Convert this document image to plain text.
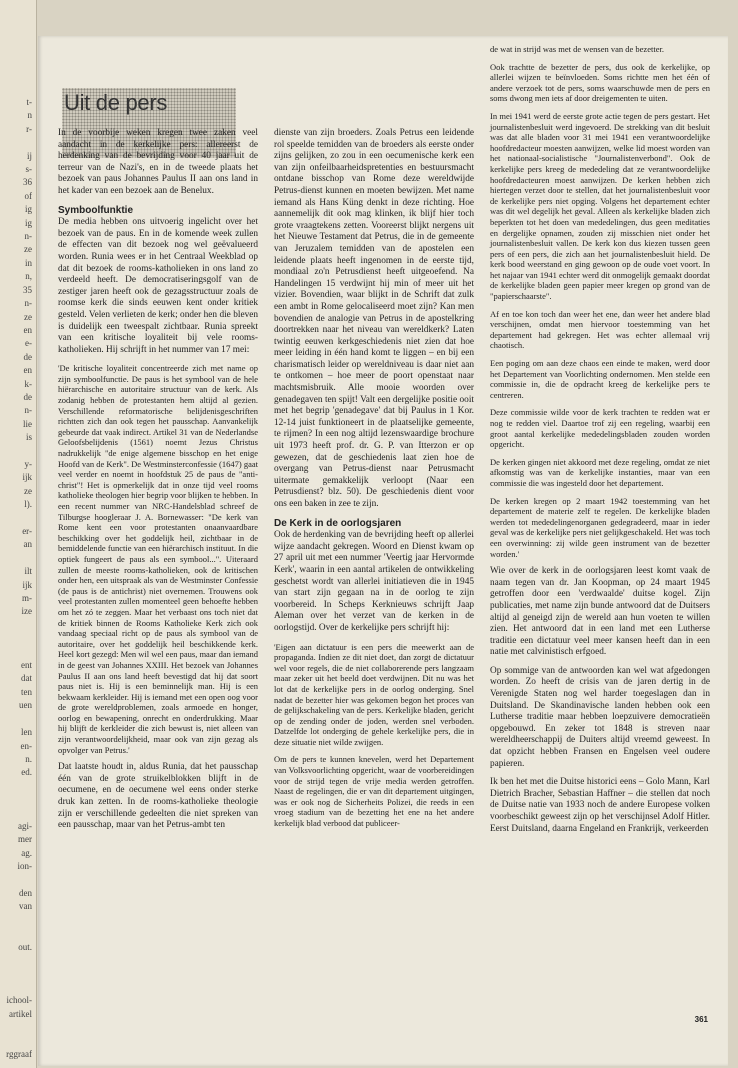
t-
n
r-

ij
s-
36
of
ig
ig
n-
ze
in
n,
35
n-
ze
en
e-
de
en
k-
de
n-
lie
is

y-
ijk
ze
l).

er-
an

ilt
ijk
m-
ize

ent
dat
ten
uen

len
en-
n.
ed.

agi-
mer
ag.
ion-

den
van

out.

ichool-
artikel

rggraaf
Uit de pers

In de voorbije weken kregen twee zaken veel aandacht in de kerkelijke pers: allereerst de herdenking van de bevrijding voor 40 jaar uit de terreur van de Nazi's, en in de tweede plaats het bezoek van paus Johannes Paulus II aan ons land in het kader van een bezoek aan de Benelux.

Symboolfunktie

De media hebben ons uitvoerig ingelicht over het bezoek van de paus. En in de komende week zullen de effecten van dit bezoek nog wel geëvalueerd worden. Runia wees er in het Centraal Weekblad op dat dit bezoek de rooms-katholieken in ons land zo verdeeld heeft. De democratiseringsgolf van de zestiger jaren heeft ook de gezagsstructuur zoals de roomse kerk die sinds eeuwen kent onder kritiek gesteld. Velen verlieten de kerk; onder hen die bleven is duidelijk een tweespalt zichtbaar. Runia spreekt van een kritische loyaliteit bij vele rooms-katholieken. Hij schrijft in het nummer van 17 mei:

'De kritische loyaliteit concentreerde zich met name op zijn symboolfunctie. De paus is het symbool van de hele hiërarchische en autoritaire structuur van de kerk. Als zodanig hebben de protestanten hem altijd al gezien. Verschillende reformatorische belijdenisgeschriften richtten zich dan ook tegen het pausschap. Aanvankelijk gebeurde dat vaak indirect. Artikel 31 van de Nederlandse Geloofsbelijdenis (1561) noemt Jezus Christus nadrukkelijk "de enige algemene bisschop en het enige Hoofd van de Kerk". De Westminsterconfessie (1647) gaat veel verder en noemt in hoofdstuk 25 de paus de "anti-christ"! Het is opmerkelijk dat in onze tijd veel rooms katholieke theologen hier begrip voor blijken te hebben. In een recent nummer van NRC-Handelsblad schreef de Tilburgse hoogleraar J. A. Bornewasser: "De kerk van Rome kent een voor protestanten onaanvaardbare beschikking over het goddelijk heil, zichtbaar in de bemiddelende functie van een hiërarchisch instituut. In die optiek fungeert de paus als een symbool...". Uiteraard zullen de meeste rooms-katholieken, ook de kritischen onder hen, een uitspraak als van de Westminster Confessie (de paus is de antichrist) niet overnemen. Trouwens ook veel protestanten zullen momenteel geen behoefte hebben om het zó te zeggen. Maar het verbaast ons toch niet dat de kritiek binnen de Rooms Katholieke Kerk zich ook vandaag speciaal richt op de paus als symbool van de autoritaire, over het goddelijk heil beschikkende kerk. Heel kort gezegd: Men wil wel een paus, maar dan iemand in de geest van Johannes XXIII. Het bezoek van Johannes Paulus II aan ons land heeft bevestigd dat hij dat soort paus niet is. Hij is een beminnelijk man. Hij is een bekwaam kerkleider. Hij is iemand met een open oog voor de grote wereldproblemen, zoals armoede en honger, oorlog en bewapening, onrecht en onderdrukking. Maar hij blijft de kerkleider die zich bewust is, niet alleen van zijn verantwoordelijkheid, maar ook van zijn gezag als opvolger van Petrus.'

Dat laatste houdt in, aldus Runia, dat het pausschap één van de grote struikelblokken blijft in de oecumene, en de oecumene wel eens onder sterke druk kan zetten. In de rooms-katholieke theologie zijn er verschillende gedeelten die niet spreken van een pausschap, maar van het Petrus-ambt ten

dienste van zijn broeders. Zoals Petrus een leidende rol speelde temidden van de broeders als eerste onder zijns gelijken, zo zou in een oecumenische kerk een van zijn onfeilbaarheidspretenties en bestuursmacht ontdane bisschop van Rome deze wereldwijde Petrus-dienst kunnen en moeten bewijzen. Met name iemand als Hans Küng denkt in deze richting. Hoe aannemelijk dit ook mag klinken, ik blijf hier toch grote vraagtekens zetten. Vooreerst blijkt nergens uit het Nieuwe Testament dat Petrus, die in de gemeente van Jeruzalem temidden van de apostelen een leidende plaats heeft ingenomen in de eerste tijd, mondiaal zo'n Petrusdienst heeft uitgeoefend. Na Handelingen 15 verdwijnt hij min of meer uit het vizier. Bovendien, waar blijkt in de Schrift dat zulk een ambt in Rome gelocaliseerd moet zijn? Kan men bovendien de analogie van Petrus in de apostelkring doortrekken naar het niveau van wereldkerk? Laten twintig eeuwen kerkgeschiedenis niet zien dat hoe meer leiding in één hand komt te liggen – en bij een charismatisch leider op wereldniveau is daar niet aan te ontkomen – hoe meer de poort openstaat naar machtsmisbruik. Alle mooie woorden over genadegaven ten spijt! Valt een dergelijke positie ooit met het begrip 'genadegave' dat bij Paulus in 1 Kor. 12-14 juist funktioneert in de plaatselijke gemeente, te rijmen? In een nog altijd lezenswaardige brochure uit 1973 heeft prof. dr. G. P. van Itterzon er op gewezen, dat de geschiedenis laat zien hoe de overgang van Petrus-dienst naar Petrusmacht uitermate gemakkelijk verloopt (Naar een Petrusdienst? blz. 50). De geschiedenis dient voor ons een baken in zee te zijn.

De Kerk in de oorlogsjaren

Ook de herdenking van de bevrijding heeft op allerlei wijze aandacht gekregen. Woord en Dienst kwam op 27 april uit met een nummer 'Veertig jaar Hervormde Kerk', waarin in een aantal artikelen de ontwikkeling geschetst wordt van allerlei initiatieven die in 1945 van start zijn gegaan na in de oorlog te zijn voorbereid. In Scheps Kerknieuws schrijft Jaap Aleman over het verzet van de kerken in de oorlogstijd. Over de kerkelijke pers schrijft hij:

'Eigen aan dictatuur is een pers die meewerkt aan de propaganda. Indien ze dit niet doet, dan zorgt de dictatuur wel voor regels, die de niet collaborerende pers langzaam maar zeker uit het beeld doet verdwijnen. Dit nu was het lot dat de kerkelijke pers in de oorlog onderging. Snel nadat de bezetter hier was gekomen begon het proces van de gelijkschakeling van de pers. Kerkelijke bladen, gericht op de zending onder de joden, werden snel verboden. Datzelfde lot onderging de gehele kerkelijke pers, die in deze situatie niet wilde zwijgen.

Om de pers te kunnen knevelen, werd het Departement van Volksvoorlichting opgericht, waar de voorbereidingen voor de strijd tegen de vrije media werden getroffen. Naast de regelingen, die er van dit departement uitgingen, was er ook nog de Sicherheits Polizei, die reeds in een vroeg stadium van de bezetting het ene na het andere kerkelijk blad verbood dat publiceer-

de wat in strijd was met de wensen van de bezetter.

Ook trachtte de bezetter de pers, dus ook de kerkelijke, op allerlei wijzen te beïnvloeden. Soms richtte men het één of andere verzoek tot de pers, soms waarschuwde men de pers en soms dwong men iets af door dreigementen te uiten.

In mei 1941 werd de eerste grote actie tegen de pers gestart. Het journalistenbesluit werd ingevoerd. De strekking van dit besluit was dat alle bladen voor 31 mei 1941 een verantwoordelijke hoofdredacteur moesten aanwijzen, welke lid moest worden van het nationaal-socialistische "Journalistenverbond". Ook de kerkelijke pers kreeg de mededeling dat ze verantwoordelijke hoofdredacteuren moest aanwijzen. De kerken hebben zich hiertegen verzet door te stellen, dat het journalistenbesluit voor de kerkelijke pers niet opging. Volgens het departement echter was dit wel degelijk het geval. Alleen als kerkelijke bladen zich beperkten tot het doen van mededelingen, dus geen meditaties en dergelijke opnamen, zouden zij misschien niet onder het journalistenbesluit vallen. De kerk kon dus kiezen tussen geen pers of een pers, die zich aan het journalistenbesluit hield. De kerk bood weerstand en ging gewoon op de oude voet voort. In het najaar van 1941 echter werd dit onmogelijk gemaakt doordat de kerkelijke bladen geen papier meer kregen op grond van de "papierschaarste".

Af en toe kon toch dan weer het ene, dan weer het andere blad verschijnen, omdat men hiervoor toestemming van het departement had gekregen. Het was echter allemaal vrij chaotisch.

Een poging om aan deze chaos een einde te maken, werd door het Departement van Voorlichting ondernomen. Men stelde een commissie in, die de opdracht kreeg de kerkelijke pers te centreren.

Deze commissie wilde voor de kerk trachten te redden wat er nog te redden viel. Daartoe trof zij een regeling, waarbij een groot aantal kerkelijke mededelingsbladen zouden worden opgericht.

De kerken gingen niet akkoord met deze regeling, omdat ze niet afkomstig was van de kerkelijke instanties, maar van een commissie die was ingesteld door het departement.

De kerken kregen op 2 maart 1942 toestemming van het departement de materie zelf te regelen. De kerkelijke bladen werden tot mededelingenorganen gedegradeerd, maar in ieder geval was de kerkelijke pers niet gelijkgeschakeld. Het was toch een overwinning: zij wilde geen instrument van de bezetter worden.'

Wie over de kerk in de oorlogsjaren leest komt vaak de naam tegen van dr. Jan Koopman, op 24 maart 1945 getroffen door een 'verdwaalde' duitse kogel. Zijn publicaties, met name zijn bunde antwoord dat de Duitsers altijd al geneigd zijn de wereld aan hun voeten te willen zien. Het antwoord dat in een land met een Lutherse traditie een dictatuur veel meer kansen heeft dan in een natie met calvinistisch erfgoed.

Op sommige van de antwoorden kan wel wat afgedongen worden. Zo heeft de crisis van de jaren dertig in de Verenigde Staten nog wel harder toegeslagen dan in Duitsland. De Skandinavische landen hebben ook een Lutherse traditie maar hebben loepzuivere democratieën opgebouwd. En zeker tot 1848 is streven naar wereldheerschappij de Duiters altijd vreemd geweest. In dat opzicht hebben Fransen en Engelsen veel oudere papieren.

Ik ben het met die Duitse historici eens – Golo Mann, Karl Dietrich Bracher, Sebastian Haffner – die stellen dat noch de Duitse natie van 1933 noch de andere Europese volken voorbeschikt geweest zijn op het verschijnsel Adolf Hitler. Eerst Duitsland, daarna Engeland en Frankrijk, verkeerden

361
